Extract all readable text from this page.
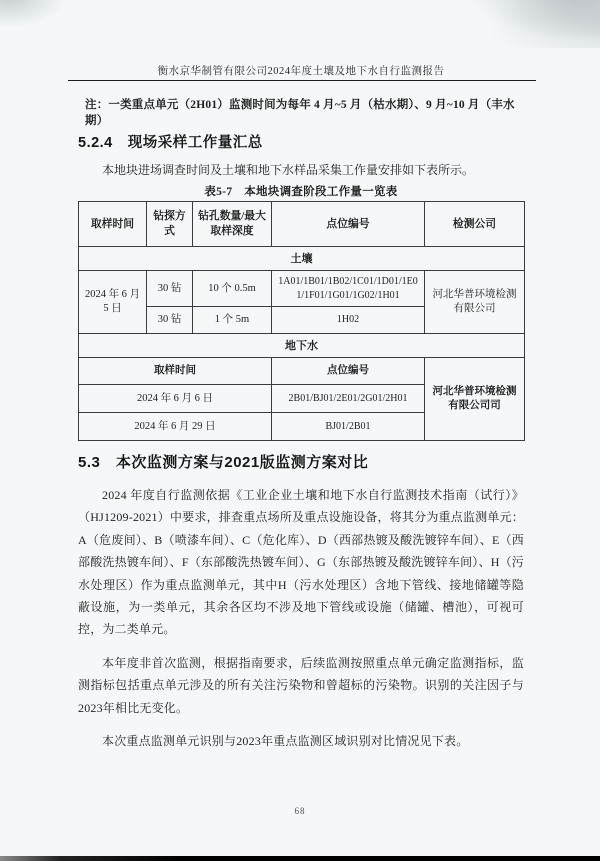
衡水京华制管有限公司2024年度土壤及地下水自行监测报告
注：一类重点单元（2H01）监测时间为每年 4 月~5 月（枯水期）、9 月~10 月（丰水期）
5.2.4　现场采样工作量汇总

本地块进场调查时间及土壤和地下水样品采集工作量安排如下表所示。

表5-7　本地块调查阶段工作量一览表
取样时间	钻探方式	钻孔数量/最大取样深度	点位编号	检测公司
土壤				
2024 年 6 月 5 日	30 钻	10 个 0.5m	1A01/1B01/1B02/1C01/1D01/1E01/1F01/1G01/1G02/1H01	河北华普环境检测有限公司
	30 钻	1 个 5m	1H02	
地下水				
取样时间			点位编号	河北华普环境检测有限公司司
2024 年 6 月 6 日			2B01/BJ01/2E01/2G01/2H01	
2024 年 6 月 29 日			BJ01/2B01	
5.3　本次监测方案与2021版监测方案对比

2024 年度自行监测依据《工业企业土壤和地下水自行监测技术指南（试行）》（HJ1209-2021）中要求，排查重点场所及重点设施设备，将其分为重点监测单元：A（危废间）、B（喷漆车间）、C（危化库）、D（西部热镀及酸洗镀锌车间）、E（西部酸洗热镀车间）、F（东部酸洗热镀车间）、G（东部热镀及酸洗镀锌车间）、H（污水处理区）作为重点监测单元，其中H（污水处理区）含地下管线、接地储罐等隐蔽设施，为一类单元，其余各区均不涉及地下管线或设施（储罐、槽池），可视可控，为二类单元。

本年度非首次监测，根据指南要求，后续监测按照重点单元确定监测指标，监测指标包括重点单元涉及的所有关注污染物和曾超标的污染物。识别的关注因子与 2023年相比无变化。

本次重点监测单元识别与2023年重点监测区域识别对比情况见下表。

68
